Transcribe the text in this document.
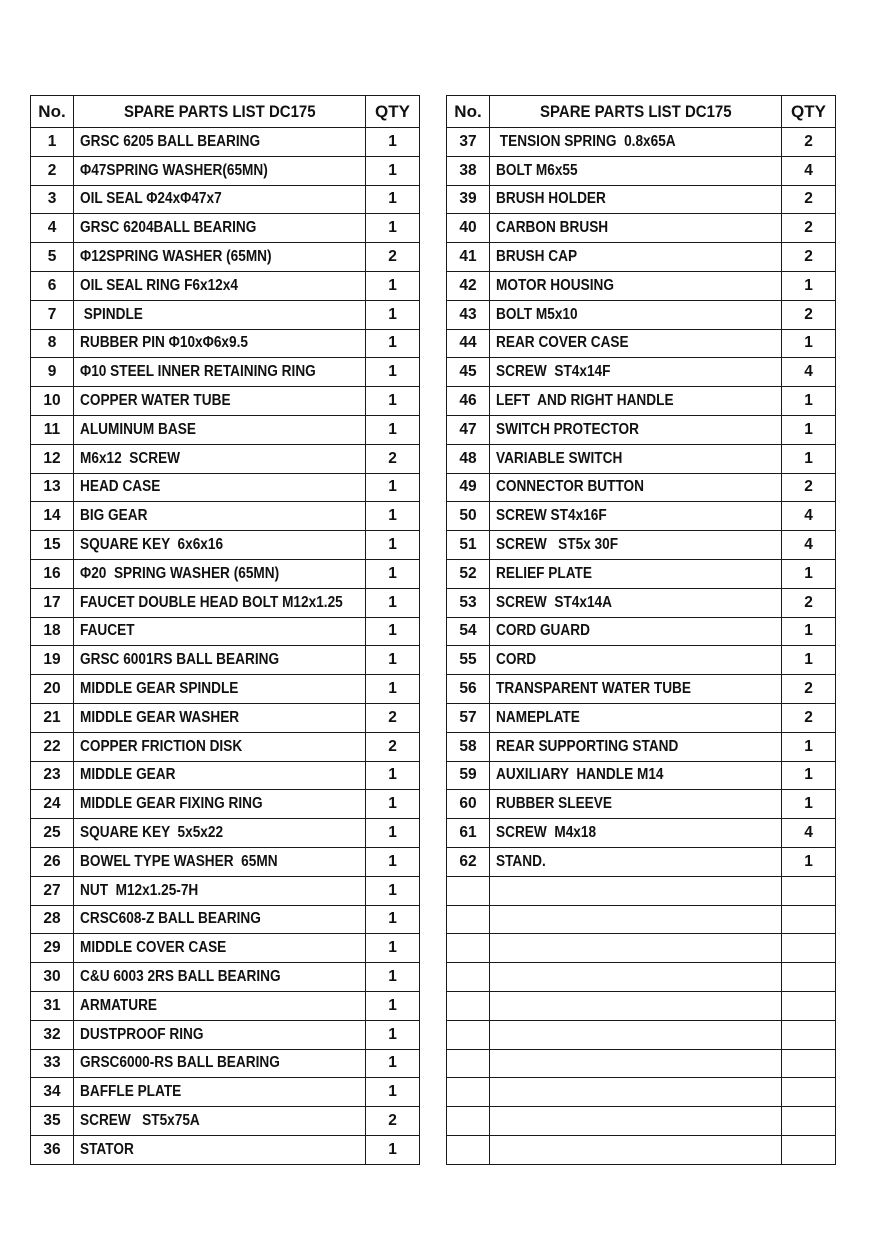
No.	SPARE PARTS LIST DC175	QTY
1	GRSC 6205 BALL BEARING	1
2	Φ47SPRING WASHER(65MN)	1
3	OIL SEAL Φ24xΦ47x7	1
4	GRSC 6204BALL BEARING	1
5	Φ12SPRING WASHER (65MN)	2
6	OIL SEAL RING F6x12x4	1
7	SPINDLE	1
8	RUBBER PIN Φ10xΦ6x9.5	1
9	Φ10 STEEL INNER RETAINING RING	1
10	COPPER WATER TUBE	1
11	ALUMINUM BASE	1
12	M6x12  SCREW	2
13	HEAD CASE	1
14	BIG GEAR	1
15	SQUARE KEY  6x6x16	1
16	Φ20  SPRING WASHER (65MN)	1
17	FAUCET DOUBLE HEAD BOLT M12x1.25	1
18	FAUCET	1
19	GRSC 6001RS BALL BEARING	1
20	MIDDLE GEAR SPINDLE	1
21	MIDDLE GEAR WASHER	2
22	COPPER FRICTION DISK	2
23	MIDDLE GEAR	1
24	MIDDLE GEAR FIXING RING	1
25	SQUARE KEY  5x5x22	1
26	BOWEL TYPE WASHER  65MN	1
27	NUT  M12x1.25-7H	1
28	CRSC608-Z BALL BEARING	1
29	MIDDLE COVER CASE	1
30	C&U 6003 2RS BALL BEARING	1
31	ARMATURE	1
32	DUSTPROOF RING	1
33	GRSC6000-RS BALL BEARING	1
34	BAFFLE PLATE	1
35	SCREW   ST5x75A	2
36	STATOR	1
No.	SPARE PARTS LIST DC175	QTY
37	TENSION SPRING  0.8x65A	2
38	BOLT M6x55	4
39	BRUSH HOLDER	2
40	CARBON BRUSH	2
41	BRUSH CAP	2
42	MOTOR HOUSING	1
43	BOLT M5x10	2
44	REAR COVER CASE	1
45	SCREW  ST4x14F	4
46	LEFT  AND RIGHT HANDLE	1
47	SWITCH PROTECTOR	1
48	VARIABLE SWITCH	1
49	CONNECTOR BUTTON	2
50	SCREW ST4x16F	4
51	SCREW   ST5x 30F	4
52	RELIEF PLATE	1
53	SCREW  ST4x14A	2
54	CORD GUARD	1
55	CORD	1
56	TRANSPARENT WATER TUBE	2
57	NAMEPLATE	2
58	REAR SUPPORTING STAND	1
59	AUXILIARY  HANDLE M14	1
60	RUBBER SLEEVE	1
61	SCREW  M4x18	4
62	STAND.	1
